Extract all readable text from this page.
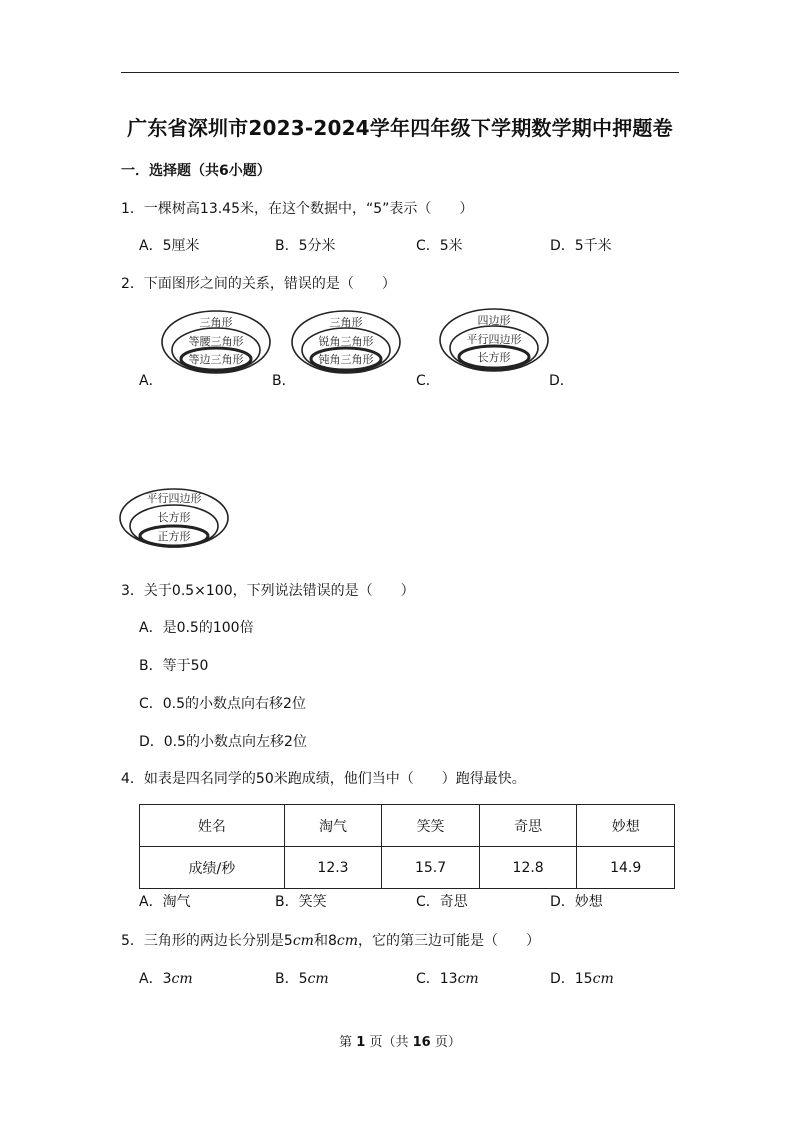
广东省深圳市2023-2024学年四年级下学期数学期中押题卷
一．选择题（共6小题）
1．一棵树高13.45米，在这个数据中，“5”表示（　　）
A．5厘米	B．5分米	C．5米	D．5千米
2．下面图形之间的关系，错误的是（　　）
三角形
等腰三角形
等边三角形
A．
三角形
锐角三角形
钝角三角形
B．
四边形
平行四边形
长方形
C．	D．
平行四边形
长方形
正方形
3．关于0.5×100，下列说法错误的是（　　）
A．是0.5的100倍
B．等于50
C．0.5的小数点向右移2位
D．0.5的小数点向左移2位
4．如表是四名同学的50米跑成绩，他们当中（　　）跑得最快。
姓名	淘气	笑笑	奇思	妙想
成绩/秒	12.3	15.7	12.8	14.9
A．淘气	B．笑笑	C．奇思	D．妙想
5．三角形的两边长分别是5cm和8cm，它的第三边可能是（　　）
A．3cm	B．5cm	C．13cm	D．15cm
第 1 页（共 16 页）
